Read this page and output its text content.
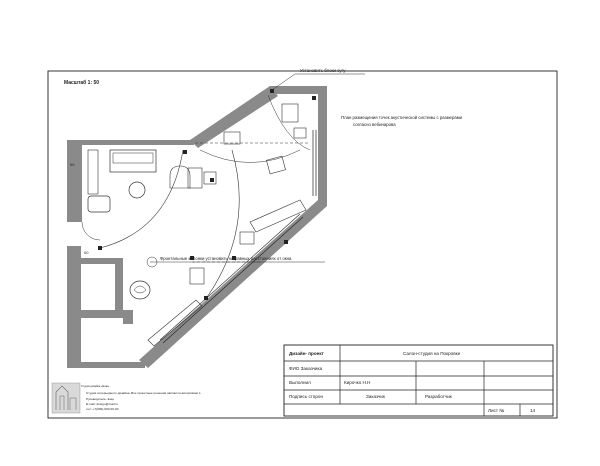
Масштаб 1: 50
Установить блоки сугу
План размещения точек акустической системы с размерами
согласно вебинарова
Фронтальные колонки установить на равных расстояниях от окна
00
00
Дизайн- проект	Салон-студия на Покровке
ФИО Заказчика
Выполнил	Кирочко Н.Н
Подпись сторон	Заказчик	Разработчик
Лист №	14
Студия дизайна «Ещё»
Студия интерьерного дизайна. Все проектные решения являются авторскими 1
Руководитель: Ещё
E-mail: design@mail.ru
тел: +7(000)-000-00-00
